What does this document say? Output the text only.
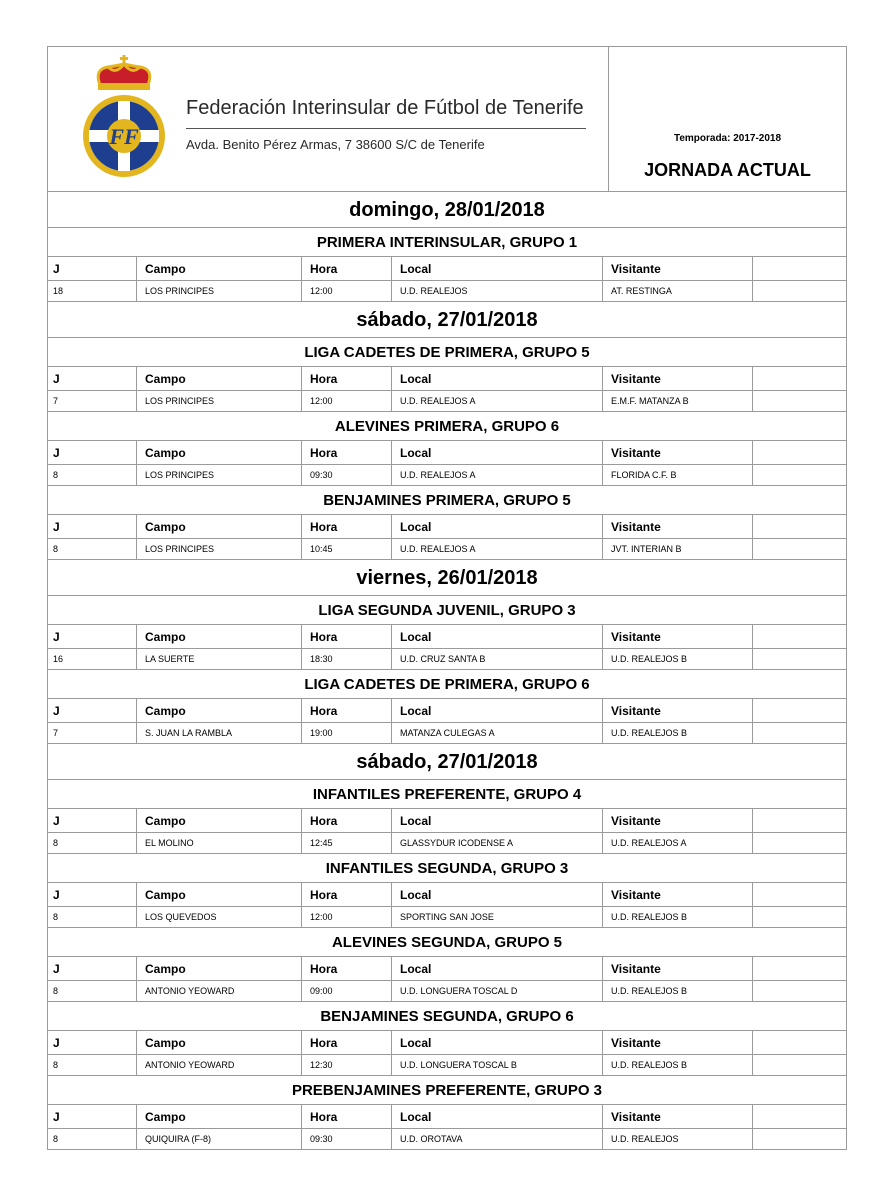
FF
Federación Interinsular de Fútbol de Tenerife
Avda. Benito Pérez Armas, 7 38600 S/C de Tenerife	Temporada: 2017-2018
JORNADA ACTUAL
domingo, 28/01/2018
PRIMERA INTERINSULAR, GRUPO 1
J	Campo	Hora	Local	Visitante
18	LOS PRINCIPES	12:00	U.D. REALEJOS	AT. RESTINGA
sábado, 27/01/2018
LIGA CADETES DE PRIMERA, GRUPO 5
J	Campo	Hora	Local	Visitante
7	LOS PRINCIPES	12:00	U.D. REALEJOS A	E.M.F. MATANZA B
ALEVINES PRIMERA, GRUPO 6
J	Campo	Hora	Local	Visitante
8	LOS PRINCIPES	09:30	U.D. REALEJOS A	FLORIDA C.F. B
BENJAMINES PRIMERA, GRUPO 5
J	Campo	Hora	Local	Visitante
8	LOS PRINCIPES	10:45	U.D. REALEJOS A	JVT. INTERIAN B
viernes, 26/01/2018
LIGA SEGUNDA JUVENIL, GRUPO 3
J	Campo	Hora	Local	Visitante
16	LA SUERTE	18:30	U.D. CRUZ SANTA B	U.D. REALEJOS B
LIGA CADETES DE PRIMERA, GRUPO 6
J	Campo	Hora	Local	Visitante
7	S. JUAN LA RAMBLA	19:00	MATANZA CULEGAS A	U.D. REALEJOS B
sábado, 27/01/2018
INFANTILES PREFERENTE, GRUPO 4
J	Campo	Hora	Local	Visitante
8	EL MOLINO	12:45	GLASSYDUR ICODENSE A	U.D. REALEJOS A
INFANTILES SEGUNDA, GRUPO 3
J	Campo	Hora	Local	Visitante
8	LOS QUEVEDOS	12:00	SPORTING SAN JOSE	U.D. REALEJOS B
ALEVINES SEGUNDA, GRUPO 5
J	Campo	Hora	Local	Visitante
8	ANTONIO YEOWARD	09:00	U.D. LONGUERA TOSCAL D	U.D. REALEJOS B
BENJAMINES SEGUNDA, GRUPO 6
J	Campo	Hora	Local	Visitante
8	ANTONIO YEOWARD	12:30	U.D. LONGUERA TOSCAL B	U.D. REALEJOS B
PREBENJAMINES PREFERENTE, GRUPO 3
J	Campo	Hora	Local	Visitante
8	QUIQUIRA (F-8)	09:30	U.D. OROTAVA	U.D. REALEJOS
